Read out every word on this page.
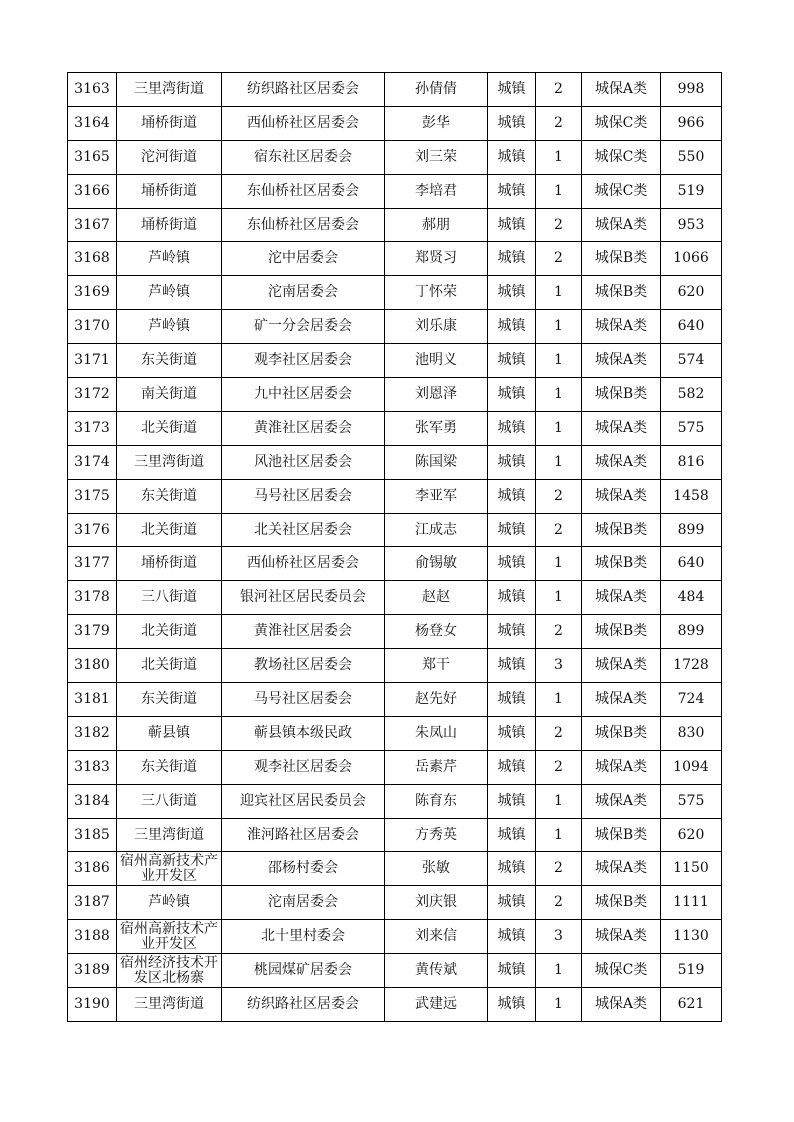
3163	三里湾街道	纺织路社区居委会	孙倩倩	城镇	2	城保A类	998
3164	埇桥街道	西仙桥社区居委会	彭华	城镇	2	城保C类	966
3165	沱河街道	宿东社区居委会	刘三荣	城镇	1	城保C类	550
3166	埇桥街道	东仙桥社区居委会	李培君	城镇	1	城保C类	519
3167	埇桥街道	东仙桥社区居委会	郝朋	城镇	2	城保A类	953
3168	芦岭镇	沱中居委会	郑贤习	城镇	2	城保B类	1066
3169	芦岭镇	沱南居委会	丁怀荣	城镇	1	城保B类	620
3170	芦岭镇	矿一分会居委会	刘乐康	城镇	1	城保A类	640
3171	东关街道	观李社区居委会	池明义	城镇	1	城保A类	574
3172	南关街道	九中社区居委会	刘恩泽	城镇	1	城保B类	582
3173	北关街道	黄淮社区居委会	张军勇	城镇	1	城保A类	575
3174	三里湾街道	风池社区居委会	陈国梁	城镇	1	城保A类	816
3175	东关街道	马号社区居委会	李亚军	城镇	2	城保A类	1458
3176	北关街道	北关社区居委会	江成志	城镇	2	城保B类	899
3177	埇桥街道	西仙桥社区居委会	俞锡敏	城镇	1	城保B类	640
3178	三八街道	银河社区居民委员会	赵赵	城镇	1	城保A类	484
3179	北关街道	黄淮社区居委会	杨登女	城镇	2	城保B类	899
3180	北关街道	教场社区居委会	郑干	城镇	3	城保A类	1728
3181	东关街道	马号社区居委会	赵先好	城镇	1	城保A类	724
3182	蕲县镇	蕲县镇本级民政	朱凤山	城镇	2	城保B类	830
3183	东关街道	观李社区居委会	岳素芹	城镇	2	城保A类	1094
3184	三八街道	迎宾社区居民委员会	陈育东	城镇	1	城保A类	575
3185	三里湾街道	淮河路社区居委会	方秀英	城镇	1	城保B类	620
3186	宿州高新技术产业开发区	邵杨村委会	张敏	城镇	2	城保A类	1150
3187	芦岭镇	沱南居委会	刘庆银	城镇	2	城保B类	1111
3188	宿州高新技术产业开发区	北十里村委会	刘来信	城镇	3	城保A类	1130
3189	宿州经济技术开发区北杨寨	桃园煤矿居委会	黄传斌	城镇	1	城保C类	519
3190	三里湾街道	纺织路社区居委会	武建远	城镇	1	城保A类	621
